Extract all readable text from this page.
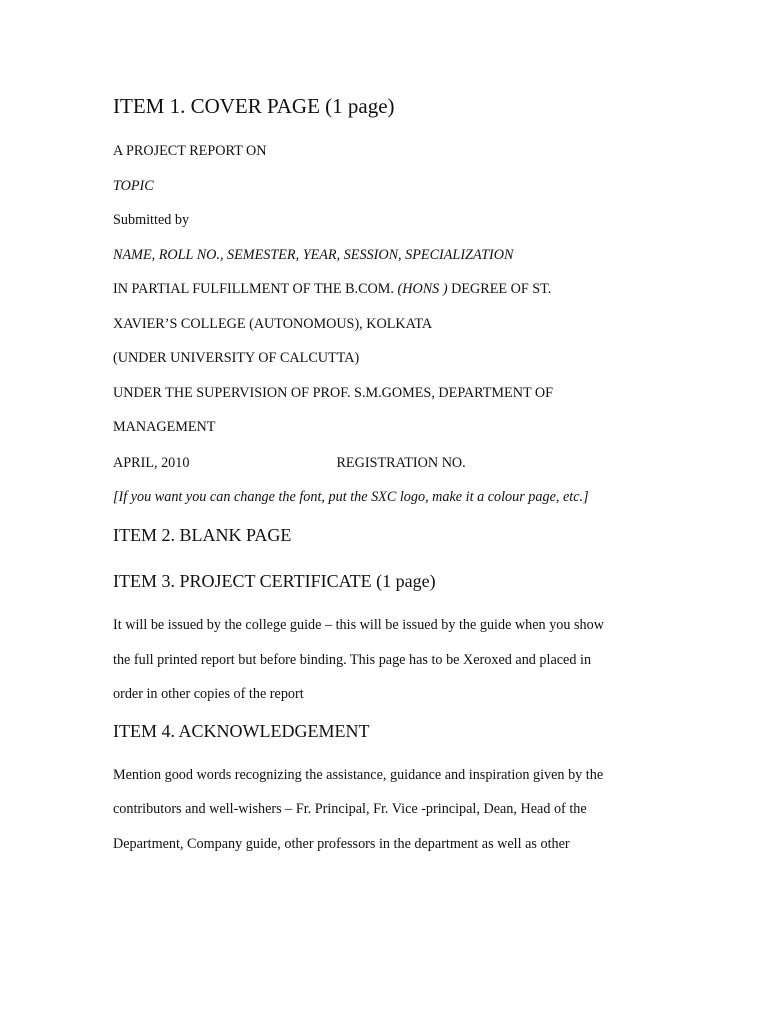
ITEM 1. COVER PAGE (1 page)
A PROJECT REPORT ON
TOPIC
Submitted by
NAME, ROLL NO., SEMESTER, YEAR, SESSION, SPECIALIZATION
IN PARTIAL FULFILLMENT OF THE B.COM. (HONS ) DEGREE OF ST.
XAVIER’S COLLEGE (AUTONOMOUS), KOLKATA
(UNDER UNIVERSITY OF CALCUTTA)
UNDER THE SUPERVISION OF PROF. S.M.GOMES, DEPARTMENT OF
MANAGEMENT
APRIL, 2010	REGISTRATION NO.
[If you want you can change the font, put the SXC logo, make it a colour page, etc.]
ITEM 2. BLANK PAGE
ITEM 3. PROJECT CERTIFICATE (1 page)
It will be issued by the college guide – this will be issued by the guide when you show
the full printed report but before binding. This page has to be Xeroxed and placed in
order in other copies of the report
ITEM 4. ACKNOWLEDGEMENT
Mention good words recognizing the assistance, guidance and inspiration given by the
contributors and well-wishers – Fr. Principal, Fr. Vice -principal, Dean, Head of the
Department, Company guide, other professors in the department as well as other
